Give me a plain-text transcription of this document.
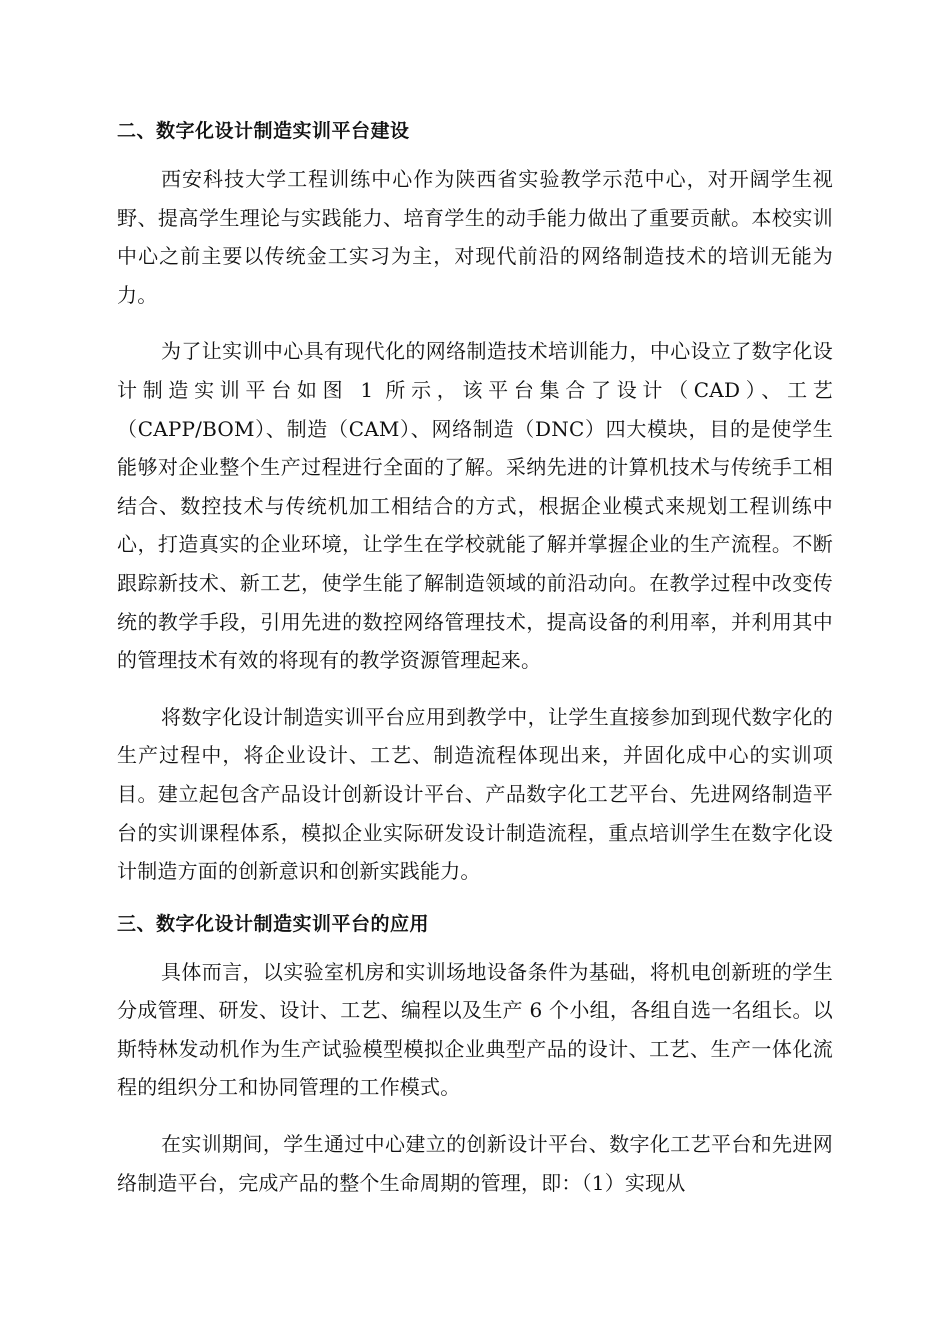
二、数字化设计制造实训平台建设

西安科技大学工程训练中心作为陕西省实验教学示范中心，对开阔学生视野、提高学生理论与实践能力、培育学生的动手能力做出了重要贡献。本校实训中心之前主要以传统金工实习为主，对现代前沿的网络制造技术的培训无能为力。

为了让实训中心具有现代化的网络制造技术培训能力，中心设立了数字化设计制造实训平台如图 1 所示，该平台集合了设计（CAD）、工艺（CAPP/BOM）、制造（CAM）、网络制造（DNC）四大模块，目的是使学生能够对企业整个生产过程进行全面的了解。采纳先进的计算机技术与传统手工相结合、数控技术与传统机加工相结合的方式，根据企业模式来规划工程训练中心，打造真实的企业环境，让学生在学校就能了解并掌握企业的生产流程。不断跟踪新技术、新工艺，使学生能了解制造领域的前沿动向。在教学过程中改变传统的教学手段，引用先进的数控网络管理技术，提高设备的利用率，并利用其中的管理技术有效的将现有的教学资源管理起来。

将数字化设计制造实训平台应用到教学中，让学生直接参加到现代数字化的生产过程中，将企业设计、工艺、制造流程体现出来，并固化成中心的实训项目。建立起包含产品设计创新设计平台、产品数字化工艺平台、先进网络制造平台的实训课程体系，模拟企业实际研发设计制造流程，重点培训学生在数字化设计制造方面的创新意识和创新实践能力。

三、数字化设计制造实训平台的应用

具体而言，以实验室机房和实训场地设备条件为基础，将机电创新班的学生分成管理、研发、设计、工艺、编程以及生产 6 个小组，各组自选一名组长。以斯特林发动机作为生产试验模型模拟企业典型产品的设计、工艺、生产一体化流程的组织分工和协同管理的工作模式。

在实训期间，学生通过中心建立的创新设计平台、数字化工艺平台和先进网络制造平台，完成产品的整个生命周期的管理，即：（1）实现从
